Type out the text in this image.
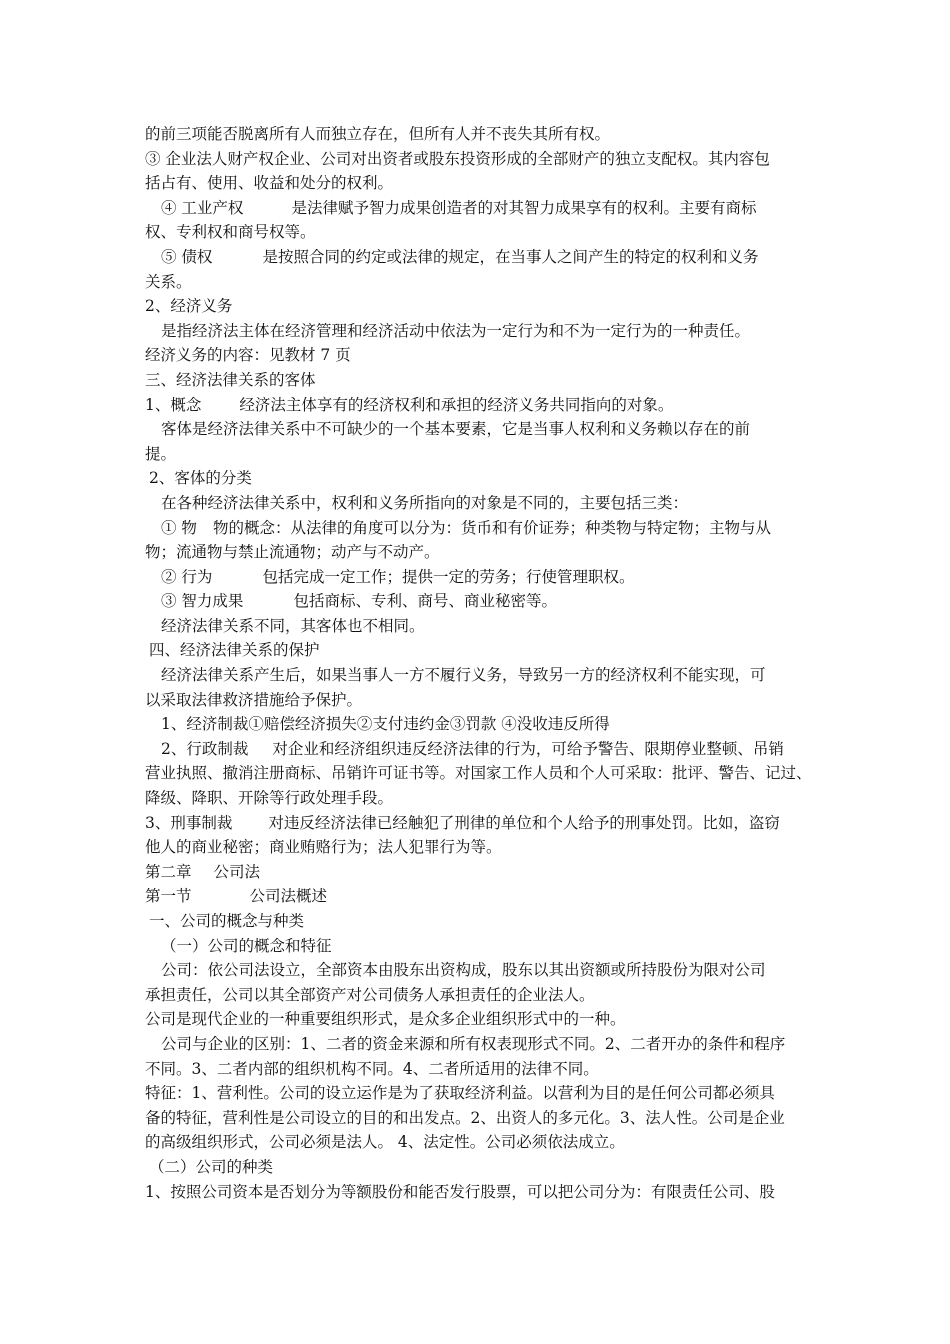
的前三项能否脱离所有人而独立存在，但所有人并不丧失其所有权。
③ 企业法人财产权企业、公司对出资者或股东投资形成的全部财产的独立支配权。其内容包
括占有、使用、收益和处分的权利。
④ 工业产权	是法律赋予智力成果创造者的对其智力成果享有的权利。主要有商标
权、专利权和商号权等。
⑤ 债权	是按照合同的约定或法律的规定，在当事人之间产生的特定的权利和义务
关系。
2、经济义务
是指经济法主体在经济管理和经济活动中依法为一定行为和不为一定行为的一种责任。
经济义务的内容：见教材 7 页
三、经济法律关系的客体
1、概念 经济法主体享有的经济权利和承担的经济义务共同指向的对象。
客体是经济法律关系中不可缺少的一个基本要素，它是当事人权利和义务赖以存在的前
提。
2、客体的分类
在各种经济法律关系中，权利和义务所指向的对象是不同的，主要包括三类：
① 物 物的概念：从法律的角度可以分为：货币和有价证券；种类物与特定物；主物与从
物；流通物与禁止流通物；动产与不动产。
② 行为	包括完成一定工作；提供一定的劳务；行使管理职权。
③ 智力成果	包括商标、专利、商号、商业秘密等。
经济法律关系不同，其客体也不相同。
四、经济法律关系的保护
经济法律关系产生后，如果当事人一方不履行义务，导致另一方的经济权利不能实现，可
以采取法律救济措施给予保护。
1、经济制裁①赔偿经济损失②支付违约金③罚款 ④没收违反所得
2、行政制裁 对企业和经济组织违反经济法律的行为，可给予警告、限期停业整顿、吊销
营业执照、撤消注册商标、吊销许可证书等。对国家工作人员和个人可采取：批评、警告、记过、
降级、降职、开除等行政处理手段。
3、刑事制裁 对违反经济法律已经触犯了刑律的单位和个人给予的刑事处罚。比如，盗窃
他人的商业秘密；商业贿赂行为；法人犯罪行为等。
第二章 公司法
第一节	公司法概述
一、公司的概念与种类
（一）公司的概念和特征
公司：依公司法设立，全部资本由股东出资构成，股东以其出资额或所持股份为限对公司
承担责任，公司以其全部资产对公司债务人承担责任的企业法人。
公司是现代企业的一种重要组织形式，是众多企业组织形式中的一种。
公司与企业的区别：1、二者的资金来源和所有权表现形式不同。2、二者开办的条件和程序
不同。3、二者内部的组织机构不同。4、二者所适用的法律不同。
特征：1、营利性。公司的设立运作是为了获取经济利益。以营利为目的是任何公司都必须具
备的特征，营利性是公司设立的目的和出发点。2、出资人的多元化。3、法人性。公司是企业
的高级组织形式，公司必须是法人。 4、法定性。公司必须依法成立。
（二）公司的种类
1、按照公司资本是否划分为等额股份和能否发行股票，可以把公司分为：有限责任公司、股
